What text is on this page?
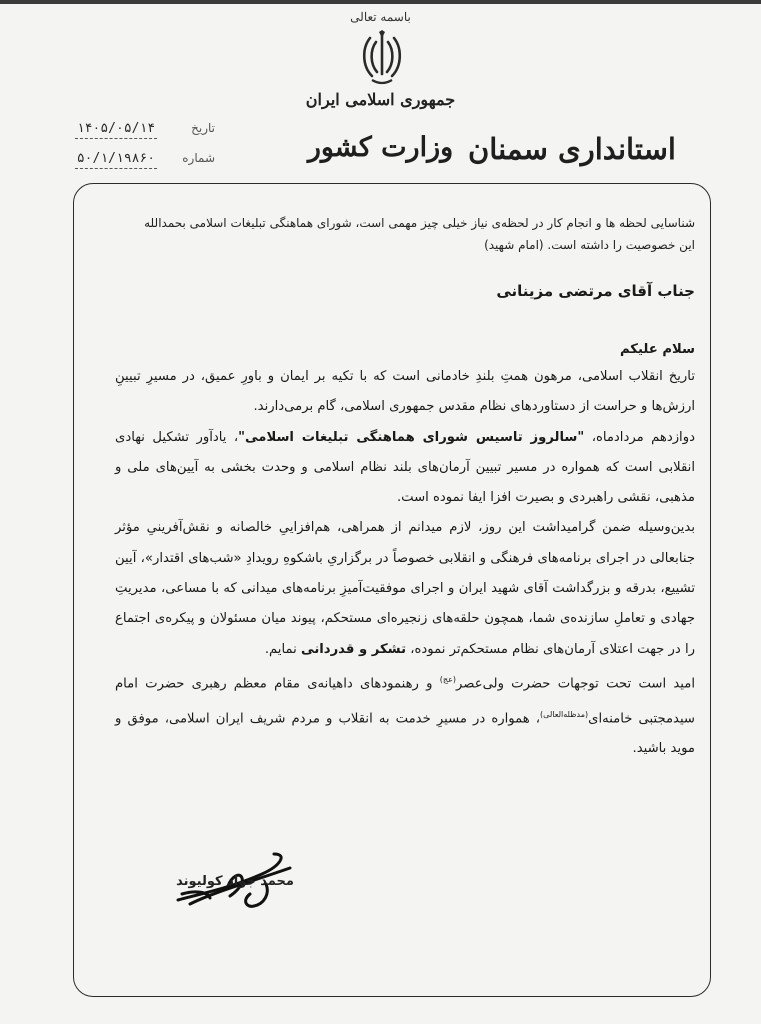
باسمه تعالی
جمهوری اسلامی ایران
وزارت کشور استانداری سمنان
۱۴۰۵/۰۵/۱۴	تاریخ
۵۰/۱/۱۹۸۶۰ شماره

شناسایی لحظه ها و انجام کار در لحظه‌ی نیاز خیلی چیز مهمی است، شورای هماهنگی تبلیغات اسلامی بحمدالله

این خصوصیت را داشته است. (امام شهید)

جناب آقای مرتضی مزینانی

سلام علیکم

تاریخ انقلاب اسلامی، مرهون همتِ بلندِ خادمانی است که با تکیه بر ایمان و باورِ عمیق، در مسیرِ تبیینِ ارزش‌ها و حراست از دستاوردهای نظام مقدس جمهوری اسلامی، گام برمی‌دارند.

دوازدهم مردادماه، "سالروز تاسیس شورای هماهنگی تبلیغات اسلامی"، یادآور تشکیل نهادی انقلابی است که همواره در مسیر تبیین آرمان‌های بلند نظام اسلامی و وحدت بخشی به آیین‌های ملی و مذهبی، نقشی راهبردی و بصیرت افزا ایفا نموده است.

بدین‌وسیله ضمن گرامیداشت این روز، لازم میدانم از همراهی، هم‌افزاییِ خالصانه و نقش‌آفرینیِ مؤثر جنابعالی در اجرای برنامه‌های فرهنگی و انقلابی خصوصاً در برگزاریِ باشکوهِ رویدادِ «شب‌های اقتدار»، آیین تشییع، بدرقه و بزرگداشت آقای شهید ایران و اجرای موفقیت‌آمیزِ برنامه‌های میدانی که با مساعی، مدیریتِ جهادی و تعاملِ سازنده‌ی شما، همچون حلقه‌های زنجیره‌ای مستحکم، پیوند میان مسئولان و پیکره‌ی اجتماع را در جهت اعتلای آرمان‌های نظام مستحکم‌تر نموده، تشکر و قدردانی نمایم.

امید است تحت توجهات حضرت ولی‌عصر$^{(عج)}$ و رهنمودهای داهیانه‌ی مقام معظم رهبری حضرت امام سیدمجتبی خامنه‌ای$^{(مدظله‌العالی)}$، همواره در مسیرِ خدمت به انقلاب و مردم شریف ایران اسلامی، موفق و موید باشید.

محمد جواد کولیوند
